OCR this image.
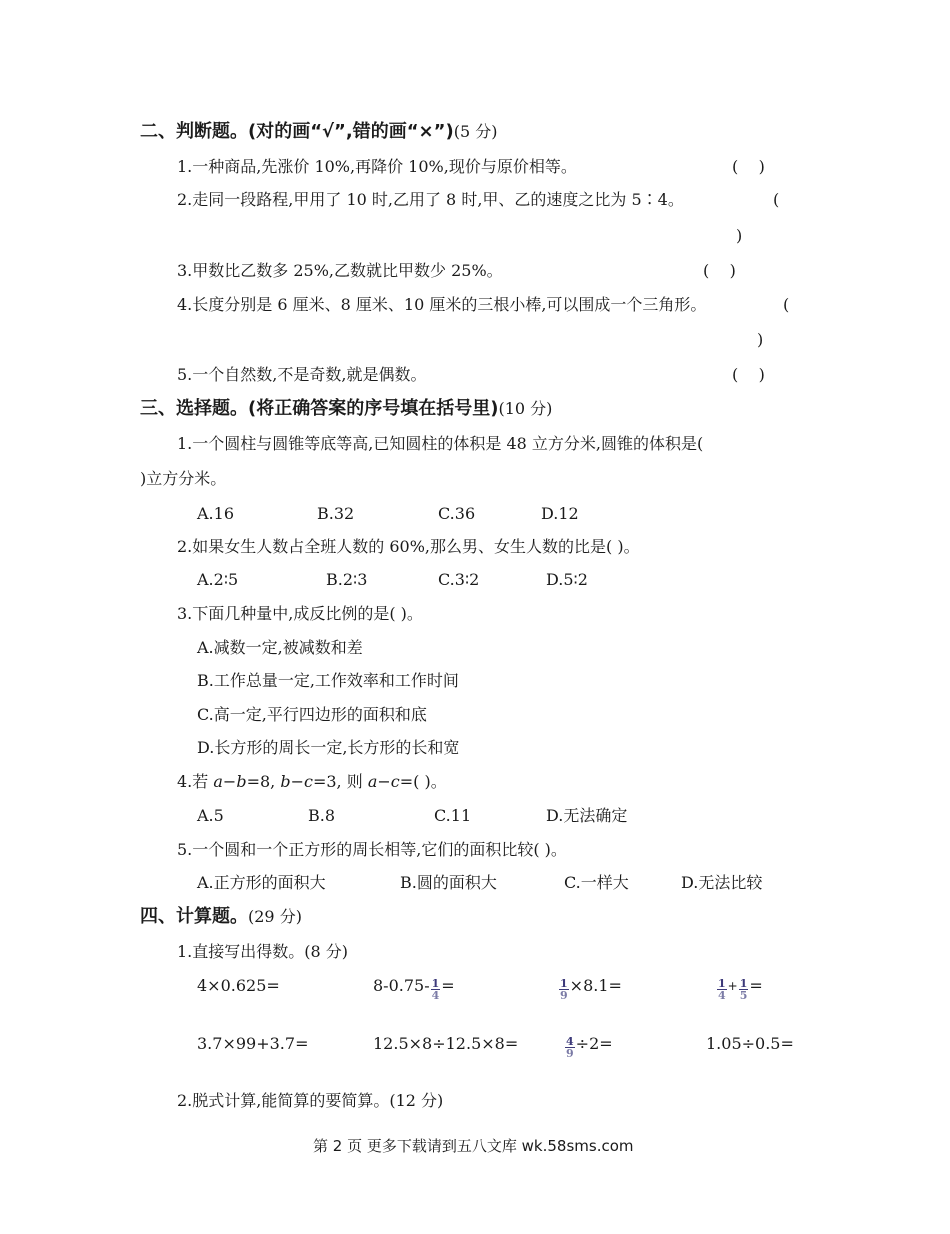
二、判断题。(对的画“√”,错的画“×”)(5 分)
1.一种商品,先涨价 10%,再降价 10%,现价与原价相等。	(    )
2.走同一段路程,甲用了 10 时,乙用了 8 时,甲、乙的速度之比为 5∶4。	(
)
3.甲数比乙数多 25%,乙数就比甲数少 25%。	(    )
4.长度分别是 6 厘米、8 厘米、10 厘米的三根小棒,可以围成一个三角形。	(
)
5.一个自然数,不是奇数,就是偶数。	(    )
三、选择题。(将正确答案的序号填在括号里)(10 分)
1.一个圆柱与圆锥等底等高,已知圆柱的体积是 48 立方分米,圆锥的体积是(
)立方分米。
A.16	B.32	C.36	D.12
2.如果女生人数占全班人数的 60%,那么男、女生人数的比是( )。
A.2∶5	B.2∶3	C.3∶2	D.5∶2
3.下面几种量中,成反比例的是( )。
A.减数一定,被减数和差
B.工作总量一定,工作效率和工作时间
C.高一定,平行四边形的面积和底
D.长方形的周长一定,长方形的长和宽
4.若 a−b=8, b−c=3, 则 a−c=( )。
A.5	B.8	C.11	D.无法确定
5.一个圆和一个正方形的周长相等,它们的面积比较( )。
A.正方形的面积大	B.圆的面积大	C.一样大	D.无法比较
四、计算题。(29 分)
1.直接写出得数。(8 分)
4×0.625=	$8-0.75- \frac{1}{4}$ =	$\frac{1}{9} \times 8.1=$	$\frac{1}{4} ^+ \frac{1}{5}$ =
3.7×99+3.7=	12.5×8÷12.5×8=	$\frac{4}{9} \div 2=$	1.05÷0.5=
2.脱式计算,能简算的要简算。(12 分)
第 2 页 更多下载请到五八文库 wk.58sms.com
